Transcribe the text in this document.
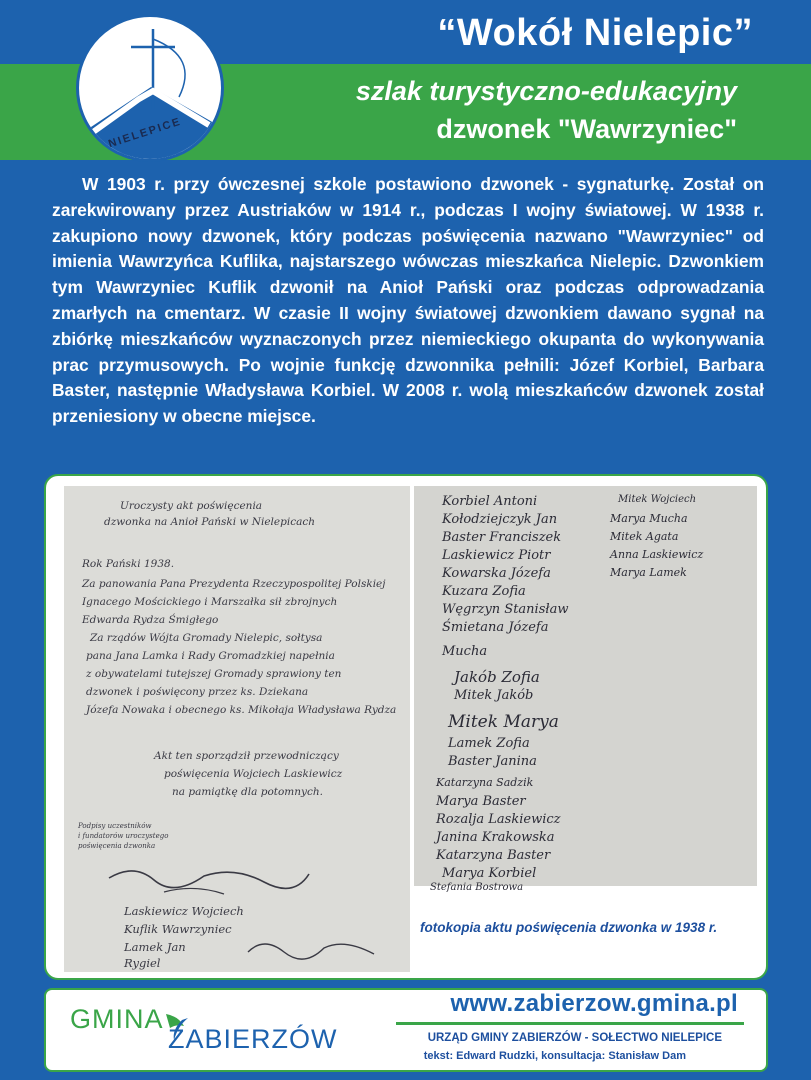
NIELEPICE
“Wokół Nielepic”
szlak turystyczno-edukacyjny
dzwonek "Wawrzyniec"
W 1903 r. przy ówczesnej szkole postawiono dzwonek - sygnaturkę. Został on zarekwirowany przez Austriaków w 1914 r., podczas I wojny światowej. W 1938 r. zakupiono nowy dzwonek, który podczas poświęcenia nazwano "Wawrzyniec" od imienia Wawrzyńca Kuflika, najstarszego wówczas mieszkańca Nielepic. Dzwonkiem tym Wawrzyniec Kuflik dzwonił na Anioł Pański oraz podczas odprowadzania zmarłych na cmentarz. W czasie II wojny światowej dzwonkiem dawano sygnał na zbiórkę mieszkańców wyznaczonych przez niemieckiego okupanta do wykonywania prac przymusowych. Po wojnie funkcję dzwonnika pełnili: Józef Korbiel, Barbara Baster, następnie Władysława Korbiel. W 2008 r. wolą mieszkańców dzwonek został przeniesiony w obecne miejsce.
Uroczysty akt poświęcenia
dzwonka na Anioł Pański w Nielepicach
Rok Pański 1938.
Za panowania Pana Prezydenta Rzeczypospolitej Polskiej
Ignacego Mościckiego i Marszałka sił zbrojnych
Edwarda Rydza Śmigłego
Za rządów Wójta Gromady Nielepic, sołtysa
pana Jana Lamka i Rady Gromadzkiej napełnia
z obywatelami tutejszej Gromady sprawiony ten
dzwonek i poświęcony przez ks. Dziekana
Józefa Nowaka i obecnego ks. Mikołaja Władysława Rydza
Akt ten sporządził przewodniczący
poświęcenia Wojciech Laskiewicz
na pamiątkę dla potomnych.
Podpisy uczestników
i fundatorów uroczystego
poświęcenia dzwonka
Laskiewicz Wojciech
Kuflik Wawrzyniec
Lamek Jan
Rygiel
Korbiel Antoni
Kołodziejczyk Jan
Baster Franciszek
Laskiewicz Piotr
Kowarska Józefa
Kuzara Zofia
Węgrzyn Stanisław
Śmietana Józefa
Mucha
Jakób Zofia
Mitek Jakób
Mitek Marya
Lamek Zofia
Baster Janina
Katarzyna Sadzik
Marya Baster
Rozalja Laskiewicz
Janina Krakowska
Katarzyna Baster
Marya Korbiel
Stefania Bostrowa
Mitek Wojciech
Marya Mucha
Mitek Agata
Anna Laskiewicz
Marya Lamek
fotokopia aktu poświęcenia dzwonka w 1938 r.
GMINA
ZABIERZÓW
www.zabierzow.gmina.pl
URZĄD GMINY ZABIERZÓW - SOŁECTWO NIELEPICE
tekst: Edward Rudzki, konsultacja: Stanisław Dam
